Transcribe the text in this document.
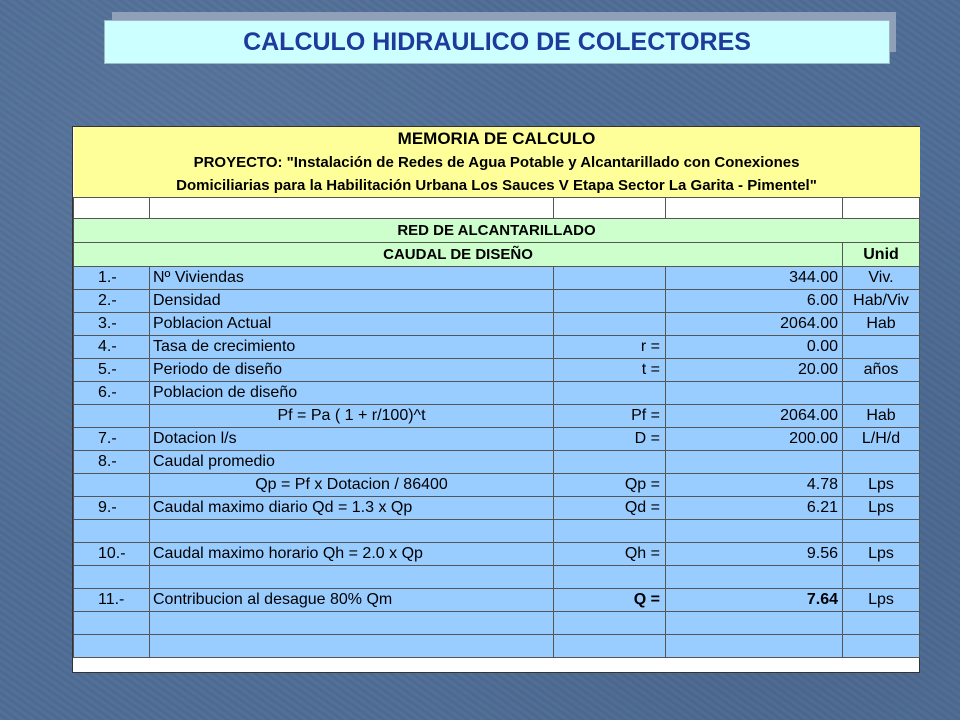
CALCULO HIDRAULICO DE COLECTORES
MEMORIA DE CALCULO				
PROYECTO: "Instalación de Redes de Agua Potable y Alcantarillado con Conexiones				
Domiciliarias para la Habilitación Urbana Los Sauces V Etapa Sector La Garita - Pimentel"				

RED DE ALCANTARILLADO				
CAUDAL DE DISEÑO				Unid
1.-	Nº Viviendas		344.00	Viv.
2.-	Densidad		6.00	Hab/Viv
3.-	Poblacion Actual		2064.00	Hab
4.-	Tasa de crecimiento	r =	0.00	
5.-	Periodo de diseño	t =	20.00	años
6.-	Poblacion de diseño			
	Pf = Pa ( 1 + r/100)^t	Pf =	2064.00	Hab
7.-	Dotacion l/s	D =	200.00	L/H/d
8.-	Caudal promedio			
	Qp = Pf x Dotacion / 86400	Qp =	4.78	Lps
9.-	Caudal maximo diario Qd = 1.3 x Qp	Qd =	6.21	Lps

10.-	Caudal maximo horario Qh = 2.0 x Qp	Qh =	9.56	Lps

11.-	Contribucion al desague 80% Qm	Q =	7.64	Lps
